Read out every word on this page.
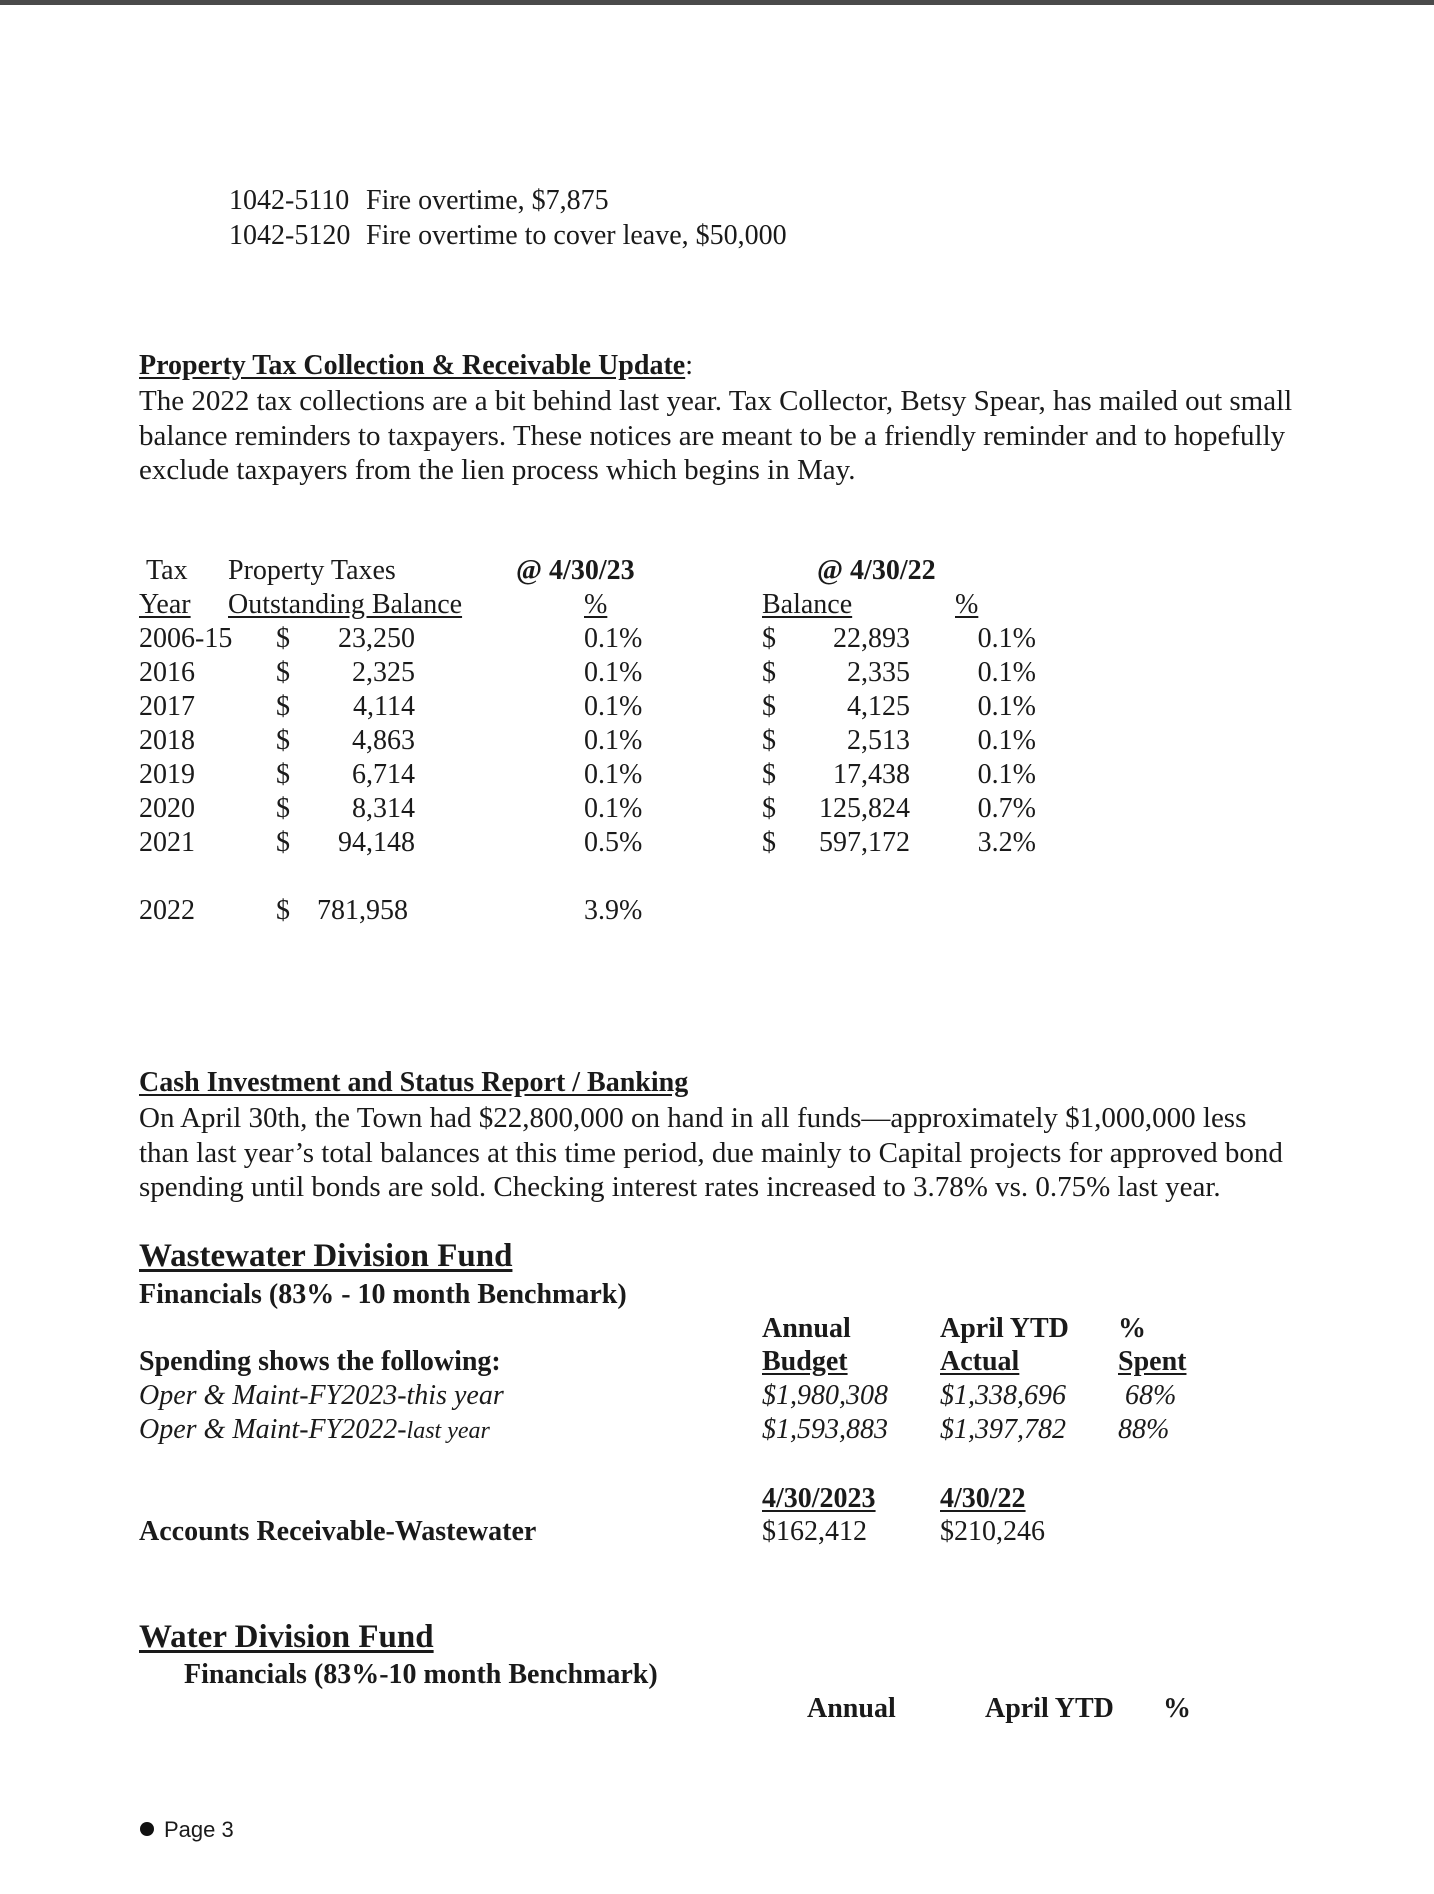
1042-5110 Fire overtime, $7,875
1042-5120 Fire overtime to cover leave, $50,000
Property Tax Collection & Receivable Update:

The 2022 tax collections are a bit behind last year. Tax Collector, Betsy Spear, has mailed out small balance reminders to taxpayers. These notices are meant to be a friendly reminder and to hopefully exclude taxpayers from the lien process which begins in May.

Tax Property Taxes	@ 4/30/23	@ 4/30/22
Year Outstanding Balance	%	Balance	%
2006-15	$	23,250	0.1%	$	22,893	0.1%
2016	$	2,325	0.1%	$	2,335	0.1%
2017	$	4,114	0.1%	$	4,125	0.1%
2018	$	4,863	0.1%	$	2,513	0.1%
2019	$	6,714	0.1%	$	17,438	0.1%
2020	$	8,314	0.1%	$	125,824	0.7%
2021	$	94,148	0.5%	$	597,172	3.2%
2022	$ 781,958	3.9%
Cash Investment and Status Report / Banking

On April 30th, the Town had $22,800,000 on hand in all funds—approximately $1,000,000 less than last year’s total balances at this time period, due mainly to Capital projects for approved bond spending until bonds are sold. Checking interest rates increased to 3.78% vs. 0.75% last year.

Wastewater Division Fund
Financials (83% - 10 month Benchmark)
Annual	April YTD %
Spending shows the following:	Budget	Actual	Spent
Oper & Maint-FY2023-this year	$1,980,308 $1,338,696 68%
Oper & Maint-FY2022-last year	$1,593,883 $1,397,782 88%
4/30/2023 4/30/22
Accounts Receivable-Wastewater	$162,412	$210,246
Water Division Fund
Financials (83%-10 month Benchmark)
Annual	April YTD %
Page 3
